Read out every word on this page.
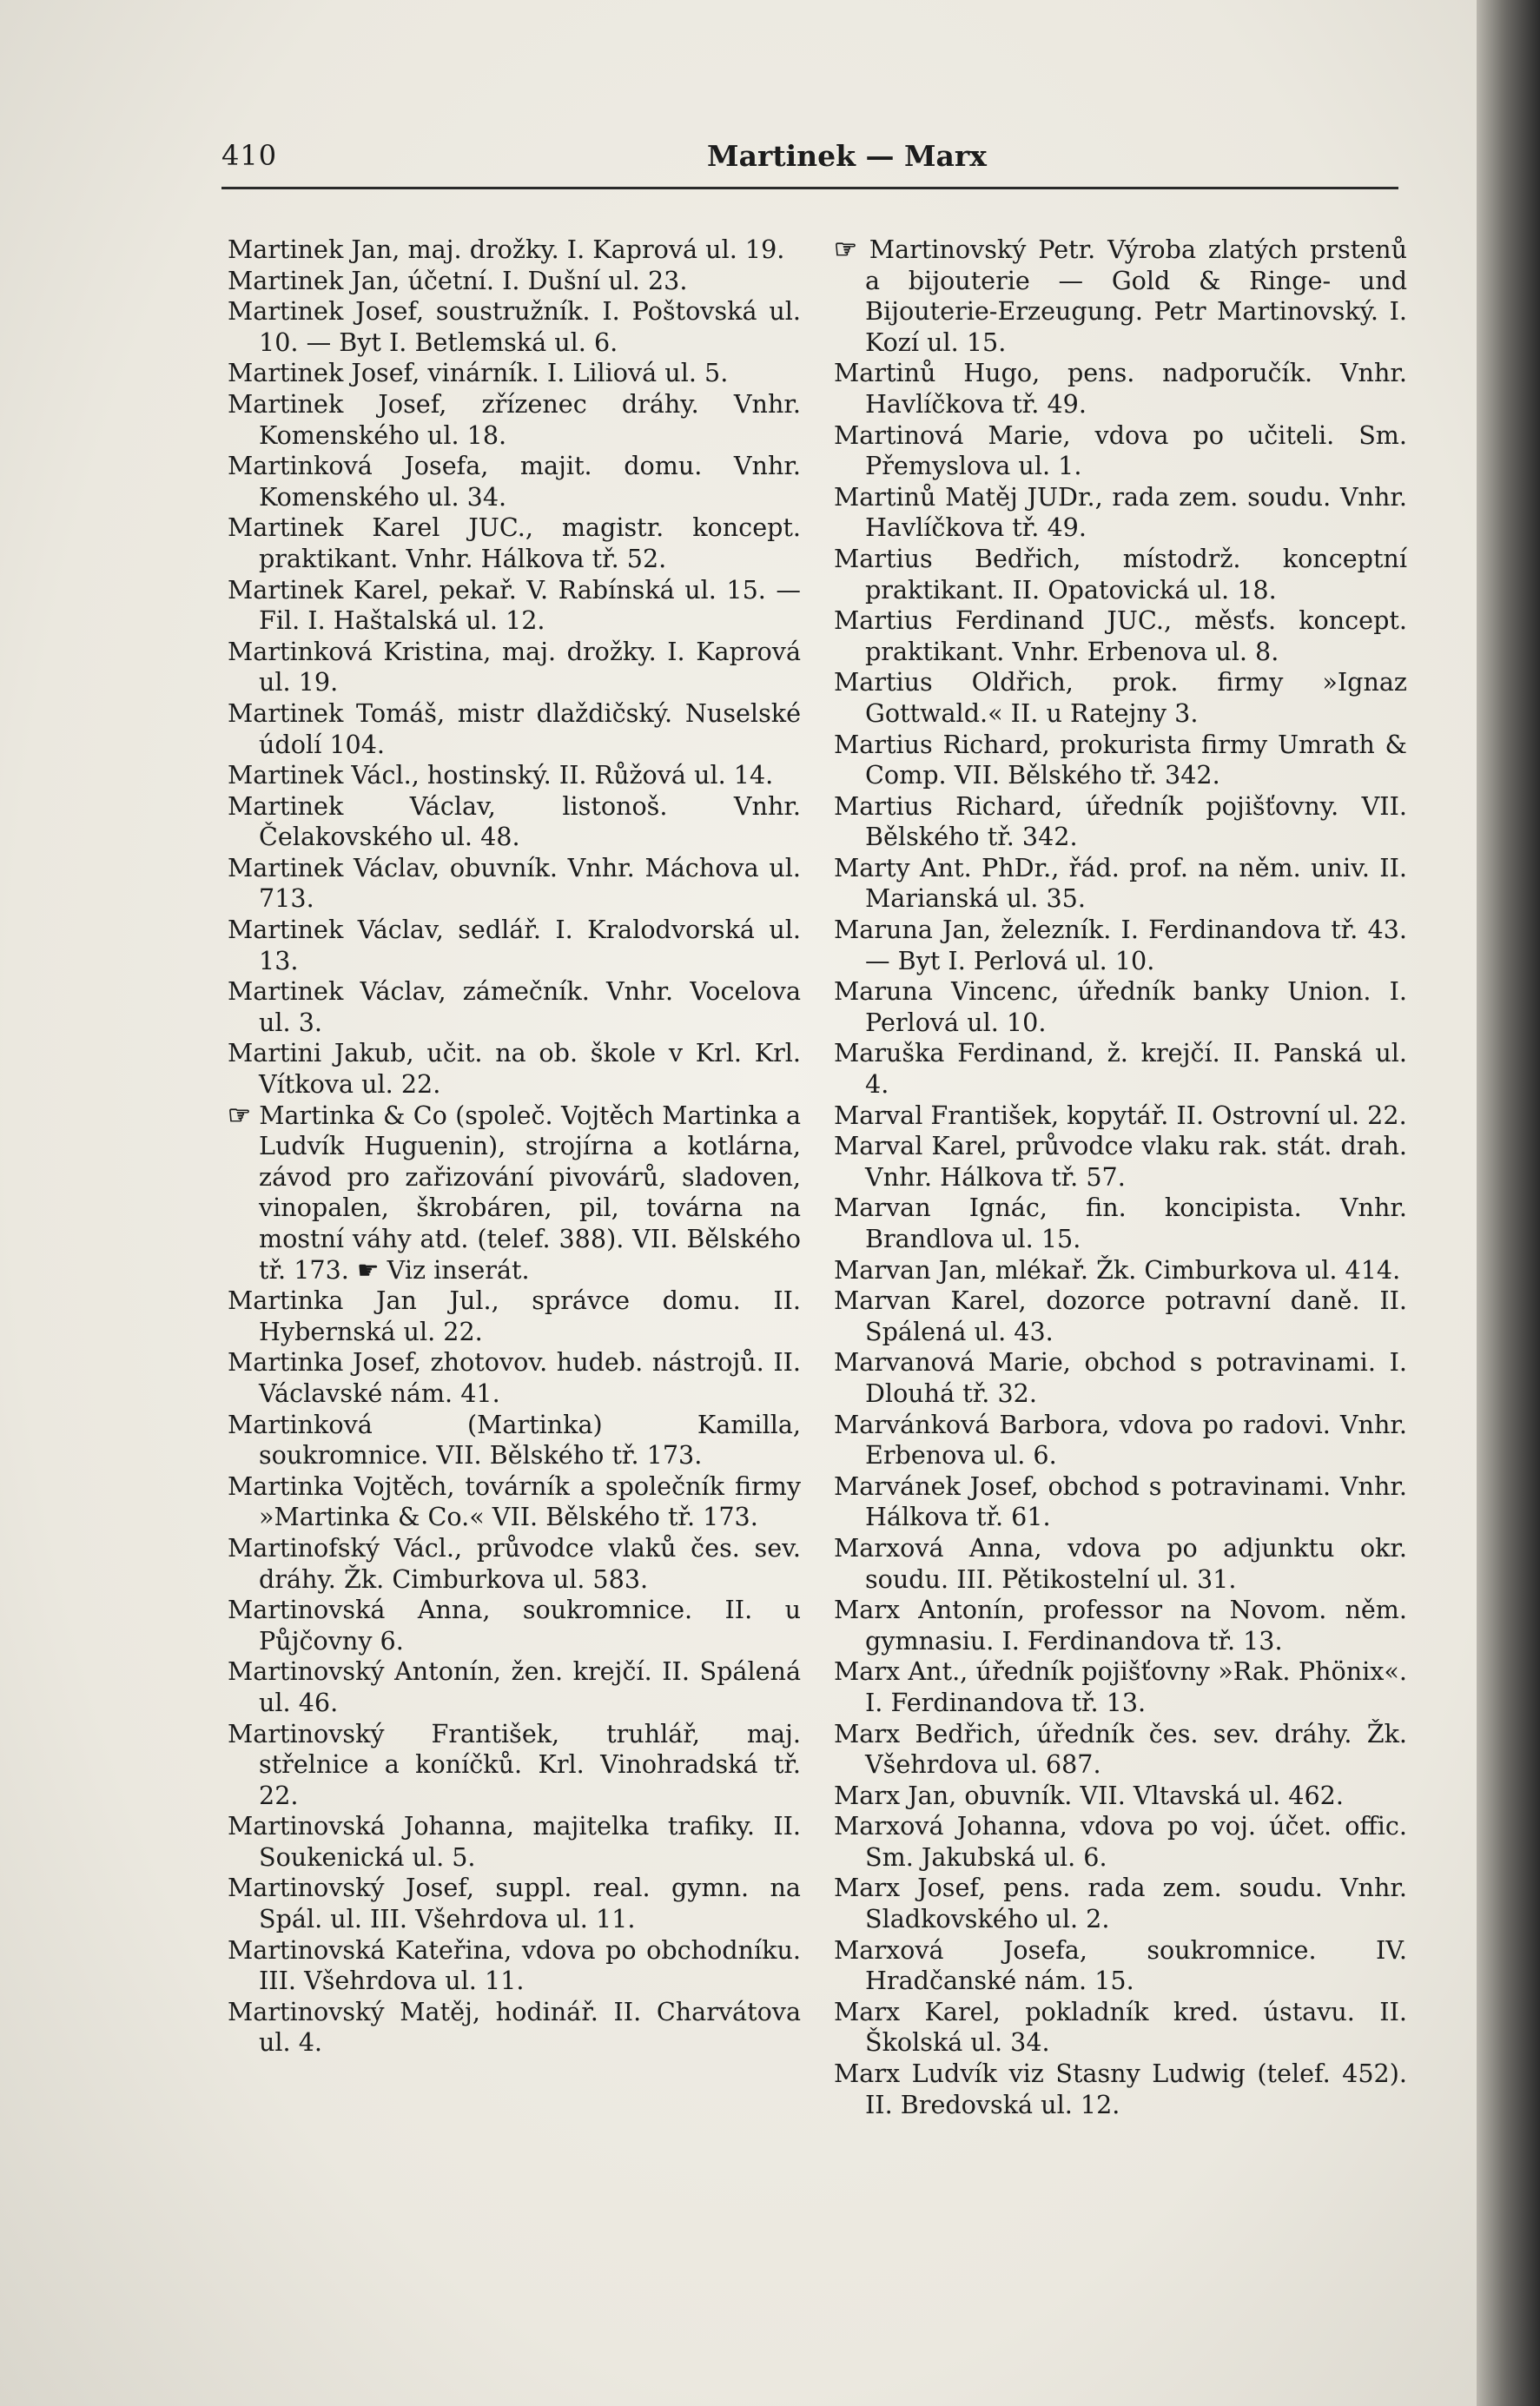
410	Martinek — Marx

Martinek Jan, maj. drožky. I. Kaprová ul. 19.

Martinek Jan, účetní. I. Dušní ul. 23.

Martinek Josef, soustružník. I. Poštovská ul. 10. — Byt I. Betlemská ul. 6.

Martinek Josef, vinárník. I. Liliová ul. 5.

Martinek Josef, zřízenec dráhy. Vnhr. Komenského ul. 18.

Martinková Josefa, majit. domu. Vnhr. Komenského ul. 34.

Martinek Karel JUC., magistr. koncept. praktikant. Vnhr. Hálkova tř. 52.

Martinek Karel, pekař. V. Rabínská ul. 15. — Fil. I. Haštalská ul. 12.

Martinková Kristina, maj. drožky. I. Kaprová ul. 19.

Martinek Tomáš, mistr dlaždičský. Nuselské údolí 104.

Martinek Václ., hostinský. II. Růžová ul. 14.

Martinek Václav, listonoš. Vnhr. Čelakovského ul. 48.

Martinek Václav, obuvník. Vnhr. Máchova ul. 713.

Martinek Václav, sedlář. I. Kralodvorská ul. 13.

Martinek Václav, zámečník. Vnhr. Vocelova ul. 3.

Martini Jakub, učit. na ob. škole v Krl. Krl. Vítkova ul. 22.

☞ Martinka & Co (společ. Vojtěch Martinka a Ludvík Huguenin), strojírna a kotlárna, závod pro zařizování pivovárů, sladoven, vinopalen, škrobáren, pil, továrna na mostní váhy atd. (telef. 388). VII. Bělského tř. 173. ☛ Viz inserát.

Martinka Jan Jul., správce domu. II. Hybernská ul. 22.

Martinka Josef, zhotovov. hudeb. nástrojů. II. Václavské nám. 41.

Martinková (Martinka) Kamilla, soukromnice. VII. Bělského tř. 173.

Martinka Vojtěch, továrník a společník firmy »Martinka & Co.« VII. Bělského tř. 173.

Martinofský Václ., průvodce vlaků čes. sev. dráhy. Žk. Cimburkova ul. 583.

Martinovská Anna, soukromnice. II. u Půjčovny 6.

Martinovský Antonín, žen. krejčí. II. Spálená ul. 46.

Martinovský František, truhlář, maj. střelnice a koníčků. Krl. Vinohradská tř. 22.

Martinovská Johanna, majitelka trafiky. II. Soukenická ul. 5.

Martinovský Josef, suppl. real. gymn. na Spál. ul. III. Všehrdova ul. 11.

Martinovská Kateřina, vdova po obchodníku. III. Všehrdova ul. 11.

Martinovský Matěj, hodinář. II. Charvátova ul. 4.

☞ Martinovský Petr. Výroba zlatých prstenů a bijouterie — Gold & Ringe- und Bijouterie-Erzeugung. Petr Martinovský. I. Kozí ul. 15.

Martinů Hugo, pens. nadporučík. Vnhr. Havlíčkova tř. 49.

Martinová Marie, vdova po učiteli. Sm. Přemyslova ul. 1.

Martinů Matěj JUDr., rada zem. soudu. Vnhr. Havlíčkova tř. 49.

Martius Bedřich, místodrž. konceptní praktikant. II. Opatovická ul. 18.

Martius Ferdinand JUC., měsťs. koncept. praktikant. Vnhr. Erbenova ul. 8.

Martius Oldřich, prok. firmy »Ignaz Gottwald.« II. u Ratejny 3.

Martius Richard, prokurista firmy Umrath & Comp. VII. Bělského tř. 342.

Martius Richard, úředník pojišťovny. VII. Bělského tř. 342.

Marty Ant. PhDr., řád. prof. na něm. univ. II. Marianská ul. 35.

Maruna Jan, železník. I. Ferdinandova tř. 43. — Byt I. Perlová ul. 10.

Maruna Vincenc, úředník banky Union. I. Perlová ul. 10.

Maruška Ferdinand, ž. krejčí. II. Panská ul. 4.

Marval František, kopytář. II. Ostrovní ul. 22.

Marval Karel, průvodce vlaku rak. stát. drah. Vnhr. Hálkova tř. 57.

Marvan Ignác, fin. koncipista. Vnhr. Brandlova ul. 15.

Marvan Jan, mlékař. Žk. Cimburkova ul. 414.

Marvan Karel, dozorce potravní daně. II. Spálená ul. 43.

Marvanová Marie, obchod s potravinami. I. Dlouhá tř. 32.

Marvánková Barbora, vdova po radovi. Vnhr. Erbenova ul. 6.

Marvánek Josef, obchod s potravinami. Vnhr. Hálkova tř. 61.

Marxová Anna, vdova po adjunktu okr. soudu. III. Pětikostelní ul. 31.

Marx Antonín, professor na Novom. něm. gymnasiu. I. Ferdinandova tř. 13.

Marx Ant., úředník pojišťovny »Rak. Phönix«. I. Ferdinandova tř. 13.

Marx Bedřich, úředník čes. sev. dráhy. Žk. Všehrdova ul. 687.

Marx Jan, obuvník. VII. Vltavská ul. 462.

Marxová Johanna, vdova po voj. účet. offic. Sm. Jakubská ul. 6.

Marx Josef, pens. rada zem. soudu. Vnhr. Sladkovského ul. 2.

Marxová Josefa, soukromnice. IV. Hradčanské nám. 15.

Marx Karel, pokladník kred. ústavu. II. Školská ul. 34.

Marx Ludvík viz Stasny Ludwig (telef. 452). II. Bredovská ul. 12.
